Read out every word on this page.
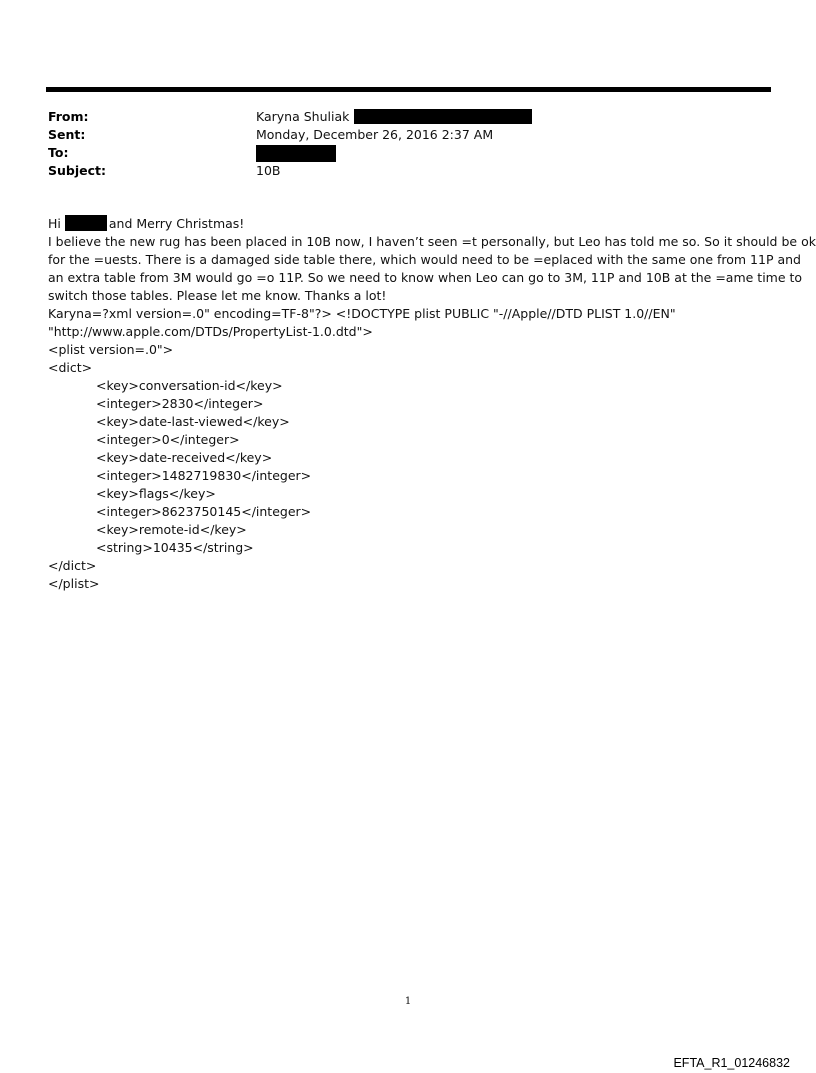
From:	Karyna Shuliak
Sent:	Monday, December 26, 2016 2:37 AM
To:
Subject:	10B
Hi	and Merry Christmas!
I believe the new rug has been placed in 10B now, I haven’t seen =t personally, but Leo has told me so. So it should be ok
for the =uests. There is a damaged side table there, which would need to be =eplaced with the same one from 11P and
an extra table from 3M would go =o 11P. So we need to know when Leo can go to 3M, 11P and 10B at the =ame time to
switch those tables. Please let me know. Thanks a lot!
Karyna=?xml version=.0" encoding=TF-8"?> <!DOCTYPE plist PUBLIC "-//Apple//DTD PLIST 1.0//EN"
"http://www.apple.com/DTDs/PropertyList-1.0.dtd">
<plist version=.0">
<dict>
<key>conversation-id</key>
<integer>2830</integer>
<key>date-last-viewed</key>
<integer>0</integer>
<key>date-received</key>
<integer>1482719830</integer>
<key>flags</key>
<integer>8623750145</integer>
<key>remote-id</key>
<string>10435</string>
</dict>
</plist>
1
EFTA_R1_01246832
